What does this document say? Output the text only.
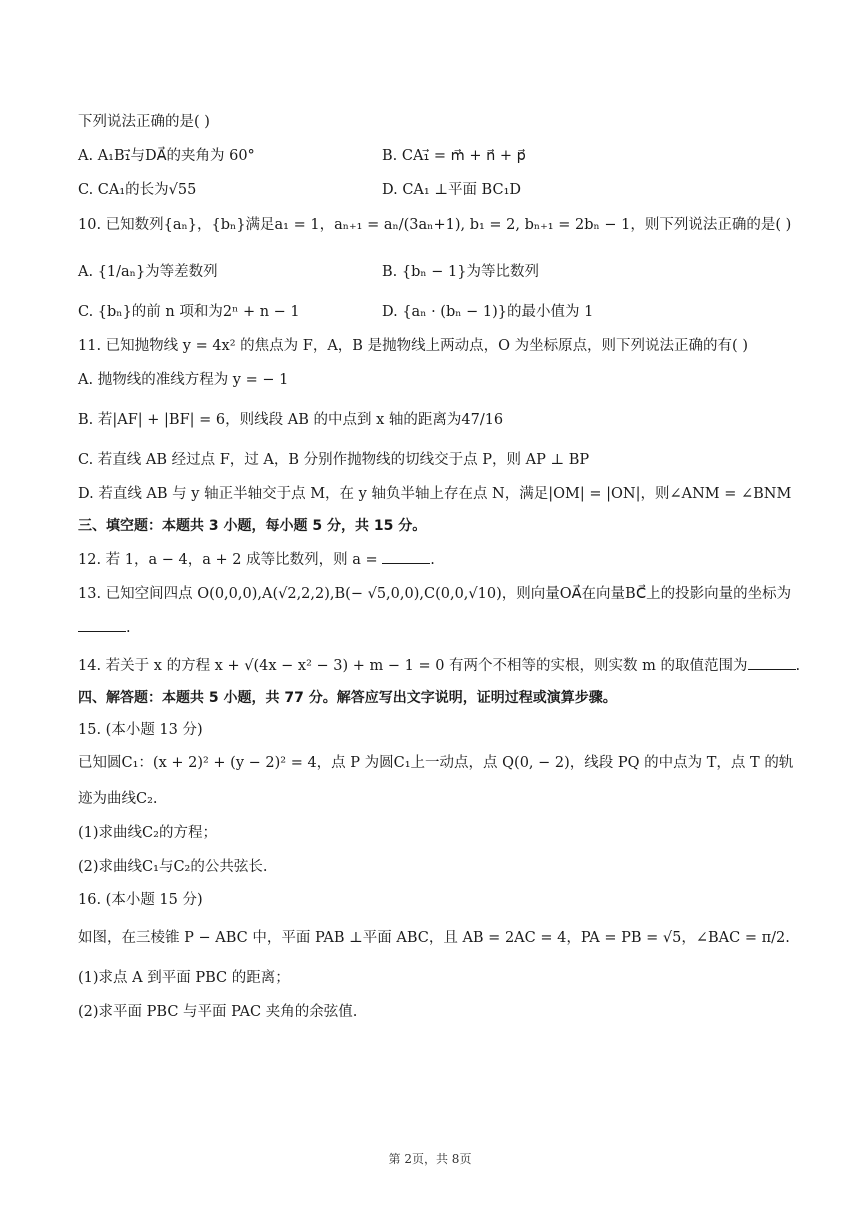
下列说法正确的是( )
A. A₁B₁⃗与DA⃗的夹角为 60°	B. CA₁⃗ = m⃗ + n⃗ + p⃗
C. CA₁的长为√55	D. CA₁ ⊥平面 BC₁D
10. 已知数列{aₙ}，{bₙ}满足a₁ = 1，aₙ₊₁ = aₙ/(3aₙ+1), b₁ = 2, bₙ₊₁ = 2bₙ − 1，则下列说法正确的是( )
A. {1/aₙ}为等差数列	B. {bₙ − 1}为等比数列
C. {bₙ}的前 n 项和为2ⁿ + n − 1	D. {aₙ · (bₙ − 1)}的最小值为 1
11. 已知抛物线 y = 4x² 的焦点为 F，A，B 是抛物线上两动点，O 为坐标原点，则下列说法正确的有( )
A. 抛物线的准线方程为 y = − 1
B. 若|AF| + |BF| = 6，则线段 AB 的中点到 x 轴的距离为47/16
C. 若直线 AB 经过点 F，过 A，B 分别作抛物线的切线交于点 P，则 AP ⊥ BP
D. 若直线 AB 与 y 轴正半轴交于点 M，在 y 轴负半轴上存在点 N，满足|OM| = |ON|，则∠ANM = ∠BNM
三、填空题：本题共 3 小题，每小题 5 分，共 15 分。
12. 若 1，a − 4，a + 2 成等比数列，则 a =	.
13. 已知空间四点 O(0,0,0),A(√2,2,2),B(− √5,0,0),C(0,0,√10)，则向量OA⃗在向量BC⃗上的投影向量的坐标为
.
14. 若关于 x 的方程 x + √(4x − x² − 3) + m − 1 = 0 有两个不相等的实根，则实数 m 的取值范围为	.
四、解答题：本题共 5 小题，共 77 分。解答应写出文字说明，证明过程或演算步骤。
15. (本小题 13 分)
已知圆C₁：(x + 2)² + (y − 2)² = 4，点 P 为圆C₁上一动点，点 Q(0, − 2)，线段 PQ 的中点为 T，点 T 的轨
迹为曲线C₂.
(1)求曲线C₂的方程；
(2)求曲线C₁与C₂的公共弦长.
16. (本小题 15 分)
如图，在三棱锥 P − ABC 中，平面 PAB ⊥平面 ABC，且 AB = 2AC = 4，PA = PB = √5，∠BAC = π/2.
(1)求点 A 到平面 PBC 的距离；
(2)求平面 PBC 与平面 PAC 夹角的余弦值.
第 2页，共 8页
